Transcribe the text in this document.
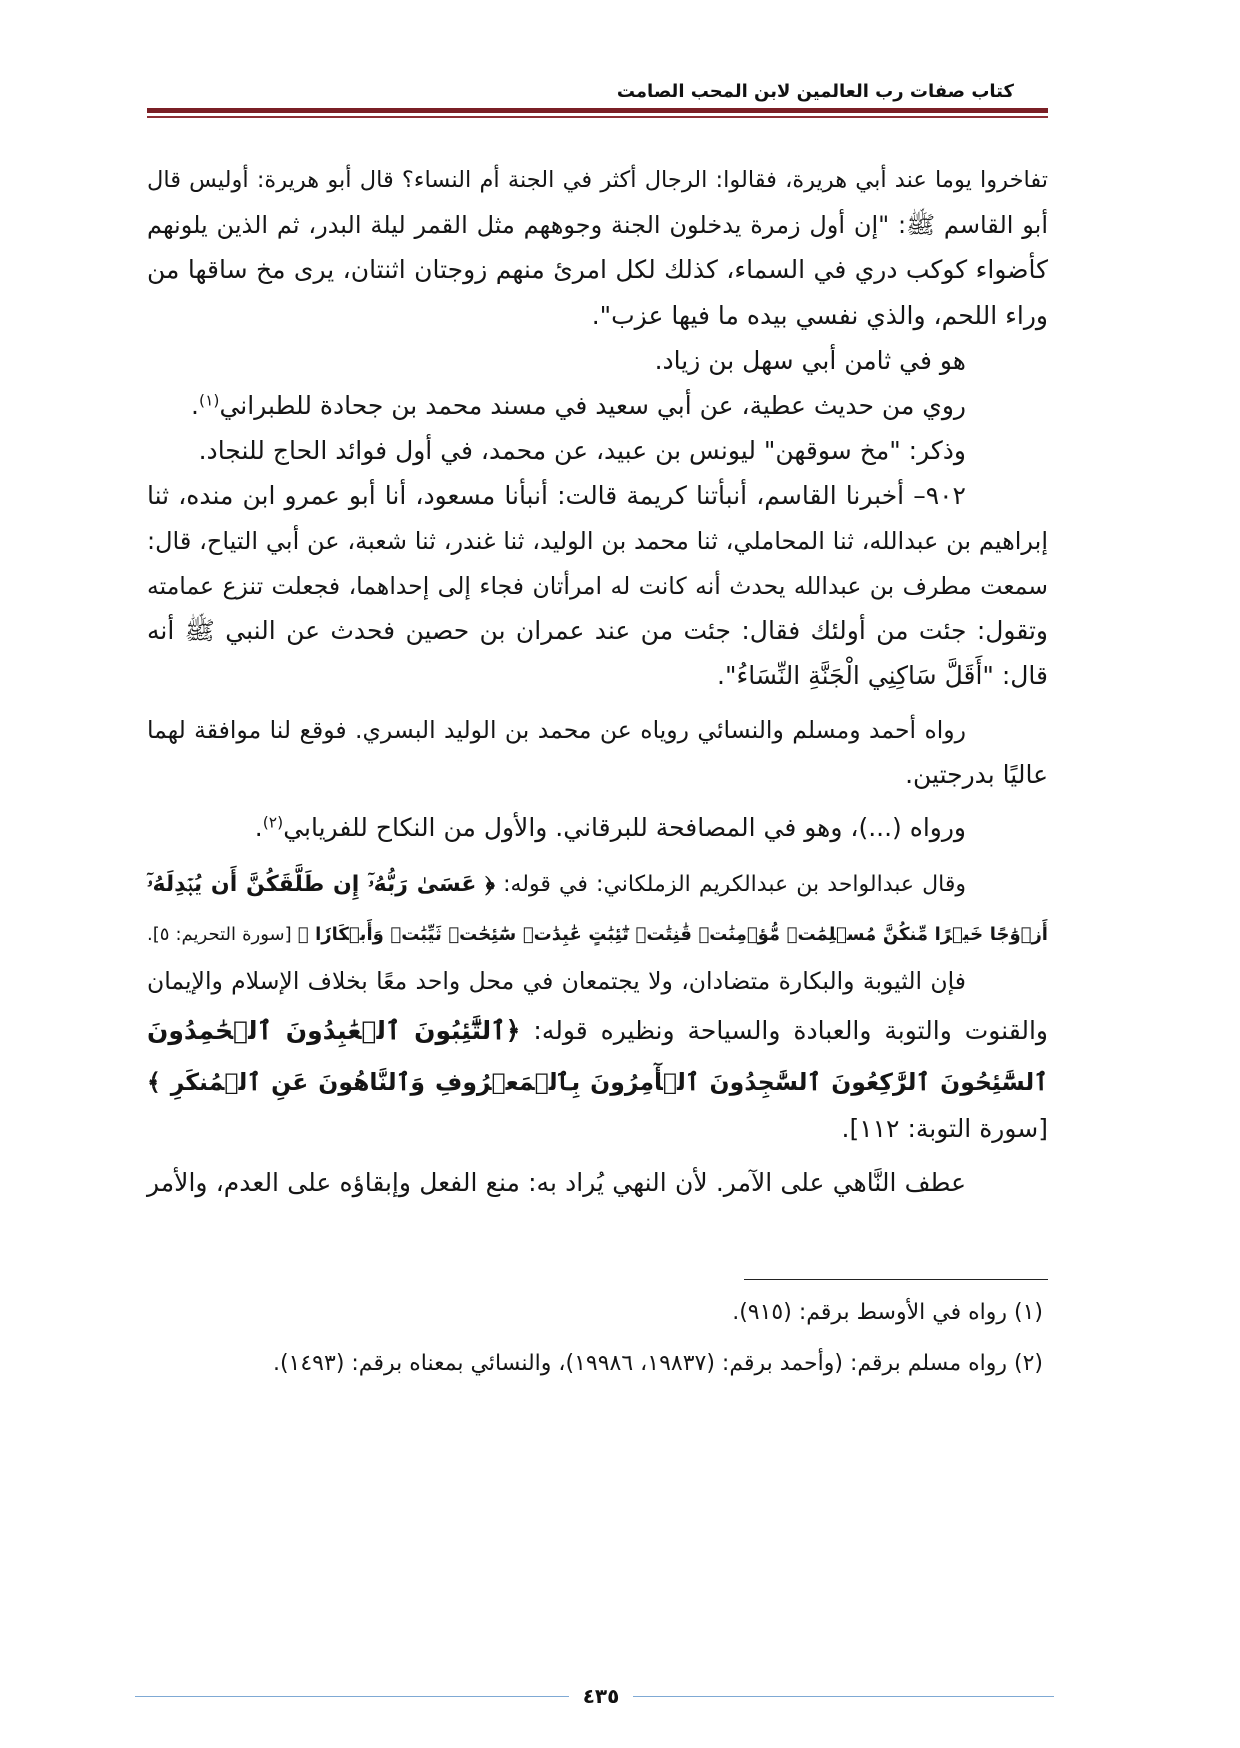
كتاب صفات رب العالمين لابن المحب الصامت
تفاخروا يوما عند أبي هريرة، فقالوا: الرجال أكثر في الجنة أم النساء؟ قال أبو هريرة: أوليس قال
أبو القاسم ﷺ: "إن أول زمرة يدخلون الجنة وجوههم مثل القمر ليلة البدر، ثم الذين يلونهم
كأضواء كوكب دري في السماء، كذلك لكل امرئ منهم زوجتان اثنتان، يرى مخ ساقها من
وراء اللحم، والذي نفسي بيده ما فيها عزب".
هو في ثامن أبي سهل بن زياد.
روي من حديث عطية، عن أبي سعيد في مسند محمد بن جحادة للطبراني$^{(١)}$.
وذكر: "مخ سوقهن" ليونس بن عبيد، عن محمد، في أول فوائد الحاج للنجاد.
٩٠٢– أخبرنا القاسم، أنبأتنا كريمة قالت: أنبأنا مسعود، أنا أبو عمرو ابن منده، ثنا
إبراهيم بن عبدالله، ثنا المحاملي، ثنا محمد بن الوليد، ثنا غندر، ثنا شعبة، عن أبي التياح، قال:
سمعت مطرف بن عبدالله يحدث أنه كانت له امرأتان فجاء إلى إحداهما، فجعلت تنزع عمامته
وتقول: جئت من أولئك فقال: جئت من عند عمران بن حصين فحدث عن النبي ﷺ أنه
قال: "أَقَلَّ سَاكِنِي الْجَنَّةِ النِّسَاءُ".
رواه أحمد ومسلم والنسائي روياه عن محمد بن الوليد البسري. فوقع لنا موافقة لهما
عاليًا بدرجتين.
ورواه (...)، وهو في المصافحة للبرقاني. والأول من النكاح للفريابي$^{(٢)}$.
وقال عبدالواحد بن عبدالكريم الزملكاني: في قوله: ﴿ عَسَىٰ رَبُّهُۥٓ إِن طَلَّقَكُنَّ أَن يُبۡدِلَهُۥٓ
أَزۡوَٰجًا خَيۡرًا مِّنكُنَّ مُسۡلِمَٰتٖ مُّؤۡمِنَٰتٖ قَٰنِتَٰتٖ تَٰٓئِبَٰتٍ عَٰبِدَٰتٖ سَٰٓئِحَٰتٖ ثَيِّبَٰتٖ وَأَبۡكَارٗا ﴾ [سورة التحريم: ٥].
فإن الثيوبة والبكارة متضادان، ولا يجتمعان في محل واحد معًا بخلاف الإسلام والإيمان
والقنوت والتوبة والعبادة والسياحة ونظيره قوله: ﴿ٱلتَّٰٓئِبُونَ ٱلۡعَٰبِدُونَ ٱلۡحَٰمِدُونَ
ٱلسَّٰٓئِحُونَ ٱلرَّٰكِعُونَ ٱلسَّٰجِدُونَ ٱلۡأٓمِرُونَ بِٱلۡمَعۡرُوفِ وَٱلنَّاهُونَ عَنِ ٱلۡمُنكَرِ ﴾
[سورة التوبة: ١١٢].
عطف النَّاهي على الآمر. لأن النهي يُراد به: منع الفعل وإبقاؤه على العدم، والأمر
(١) رواه في الأوسط برقم: (٩١٥).
(٢) رواه مسلم برقم: (وأحمد برقم: (١٩٨٣٧، ١٩٩٨٦)، والنسائي بمعناه برقم: (١٤٩٣).
٤٣٥
